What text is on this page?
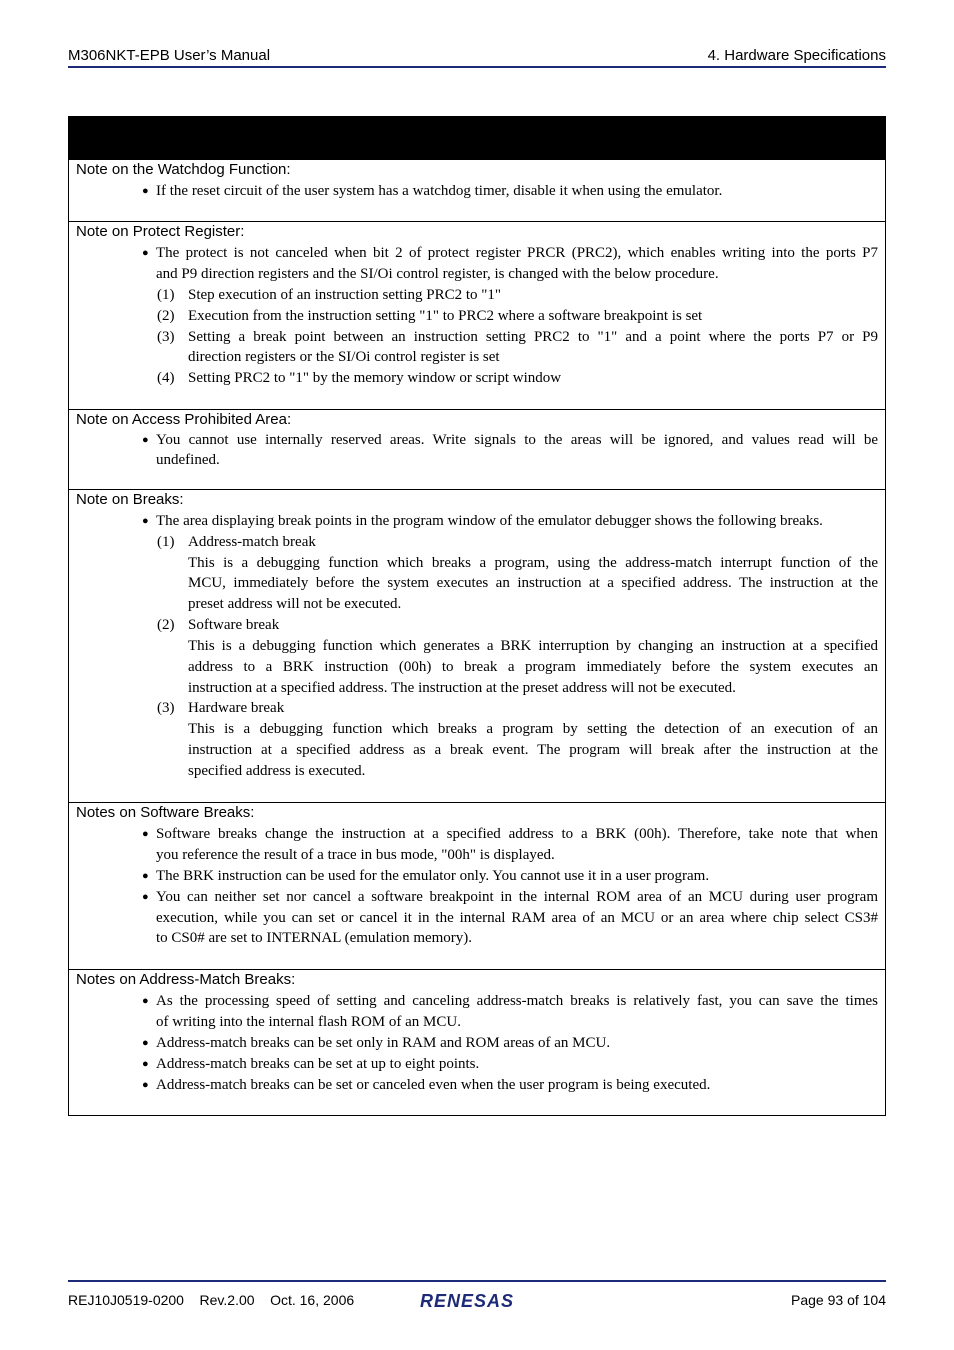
M306NKT-EPB User’s Manual	4. Hardware Specifications
Note on the Watchdog Function:
● If the reset circuit of the user system has a watchdog timer, disable it when using the emulator.
Note on Protect Register:
● The protect is not canceled when bit 2 of protect register PRCR (PRC2), which enables writing into the ports P7
and P9 direction registers and the SI/Oi control register, is changed with the below procedure.
(1) Step execution of an instruction setting PRC2 to "1"
(2) Execution from the instruction setting "1" to PRC2 where a software breakpoint is set
(3) Setting a break point between an instruction setting PRC2 to "1" and a point where the ports P7 or P9
direction registers or the SI/Oi control register is set
(4) Setting PRC2 to "1" by the memory window or script window
Note on Access Prohibited Area:
● You cannot use internally reserved areas. Write signals to the areas will be ignored, and values read will be
undefined.
Note on Breaks:
● The area displaying break points in the program window of the emulator debugger shows the following breaks.
(1) Address-match break
This is a debugging function which breaks a program, using the address-match interrupt function of the
MCU, immediately before the system executes an instruction at a specified address. The instruction at the
preset address will not be executed.
(2) Software break
This is a debugging function which generates a BRK interruption by changing an instruction at a specified
address to a BRK instruction (00h) to break a program immediately before the system executes an
instruction at a specified address. The instruction at the preset address will not be executed.
(3) Hardware break
This is a debugging function which breaks a program by setting the detection of an execution of an
instruction at a specified address as a break event. The program will break after the instruction at the
specified address is executed.
Notes on Software Breaks:
● Software breaks change the instruction at a specified address to a BRK (00h). Therefore, take note that when
you reference the result of a trace in bus mode, "00h" is displayed.
● The BRK instruction can be used for the emulator only. You cannot use it in a user program.
● You can neither set nor cancel a software breakpoint in the internal ROM area of an MCU during user program
execution, while you can set or cancel it in the internal RAM area of an MCU or an area where chip select CS3#
to CS0# are set to INTERNAL (emulation memory).
Notes on Address-Match Breaks:
● As the processing speed of setting and canceling address-match breaks is relatively fast, you can save the times
of writing into the internal flash ROM of an MCU.
● Address-match breaks can be set only in RAM and ROM areas of an MCU.
● Address-match breaks can be set at up to eight points.
● Address-match breaks can be set or canceled even when the user program is being executed.
REJ10J0519-0200    Rev.2.00    Oct. 16, 2006	RENESAS	Page 93 of 104
